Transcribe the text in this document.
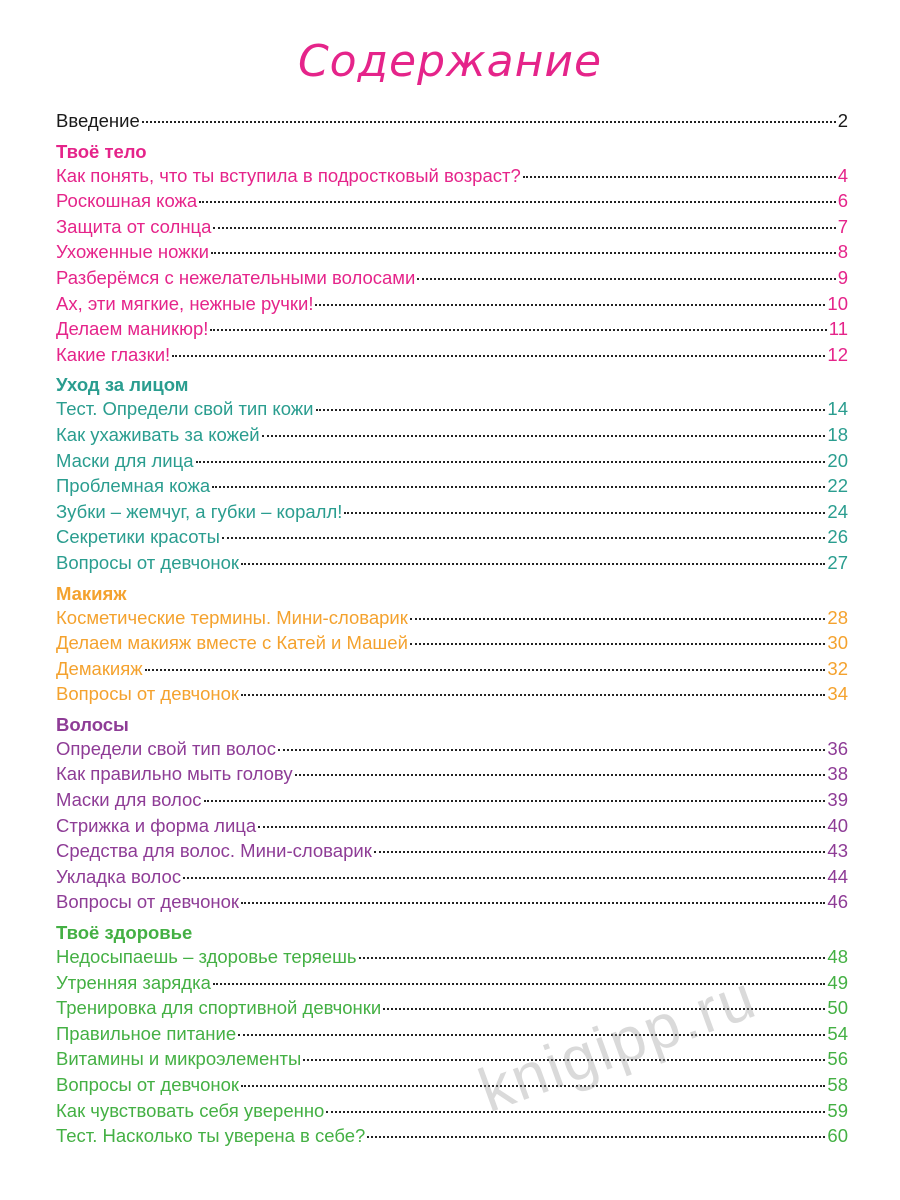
Содержание
Введение	2
Твоё тело
Как понять, что ты вступила в подростковый возраст?	4
Роскошная кожа	6
Защита от солнца	7
Ухоженные ножки	8
Разберёмся с нежелательными волосами	9
Ах, эти мягкие, нежные ручки!	10
Делаем маникюр!	11
Какие глазки!	12
Уход за лицом
Тест. Определи свой тип кожи	14
Как ухаживать за кожей	18
Маски для лица	20
Проблемная кожа	22
Зубки – жемчуг, а губки – коралл!	24
Секретики красоты	26
Вопросы от девчонок	27
Макияж
Косметические термины. Мини-словарик	28
Делаем макияж вместе с Катей и Машей	30
Демакияж	32
Вопросы от девчонок	34
Волосы
Определи свой тип волос	36
Как правильно мыть голову	38
Маски для волос	39
Стрижка и форма лица	40
Средства для волос. Мини-словарик	43
Укладка волос	44
Вопросы от девчонок	46
Твоё здоровье
Недосыпаешь – здоровье теряешь	48
Утренняя зарядка	49
Тренировка для спортивной девчонки	50
Правильное питание	54
Витамины и микроэлементы	56
Вопросы от девчонок	58
Как чувствовать себя уверенно	59
Тест. Насколько ты уверена в себе?	60
knigipp.ru
